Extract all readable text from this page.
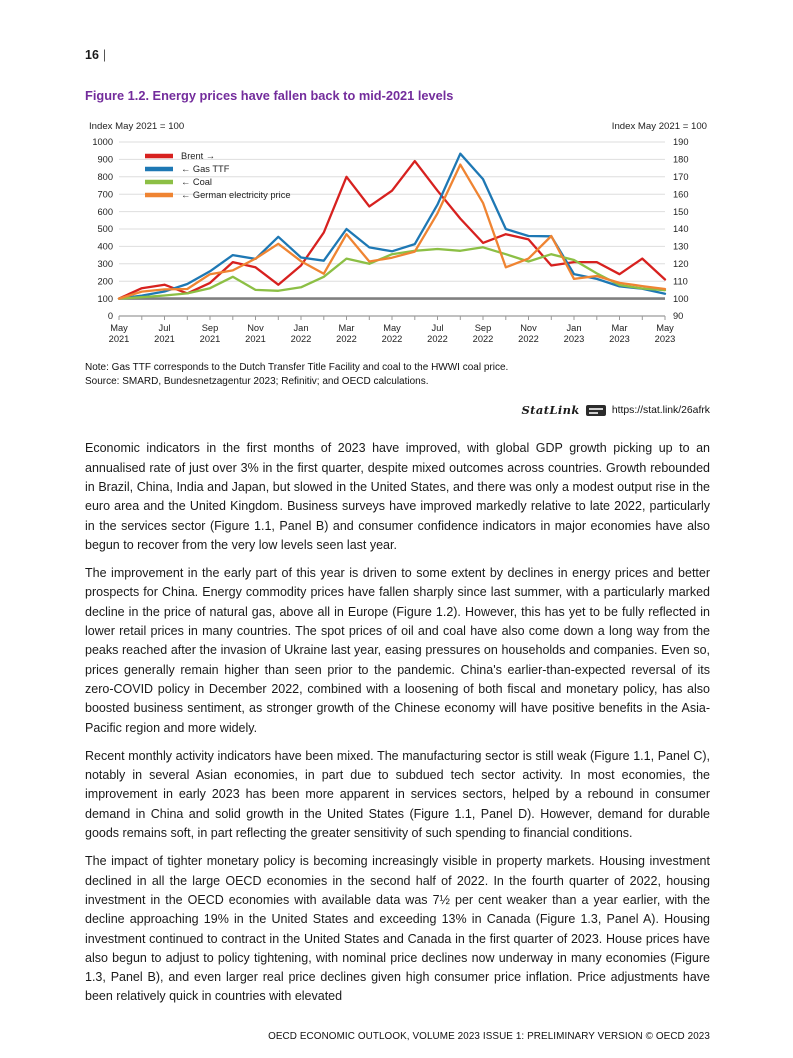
16 |
Figure 1.2. Energy prices have fallen back to mid-2021 levels
Index May 2021 = 100	Index May 2021 = 100
0
100
200
300
400
500
600
700
800
900
1000
90
100
110
120
130
140
150
160
170
180
190
May
2021
Jul
2021
Sep
2021
Nov
2021
Jan
2022
Mar
2022
May
2022
Jul
2022
Sep
2022
Nov
2022
Jan
2023
Mar
2023
May
2023
Brent →
← Gas TTF
← Coal
← German electricity price
Note: Gas TTF corresponds to the Dutch Transfer Title Facility and coal to the HWWI coal price.
Source: SMARD, Bundesnetzagentur 2023; Refinitiv; and OECD calculations.
StatLink	https://stat.link/26afrk

Economic indicators in the first months of 2023 have improved, with global GDP growth picking up to an annualised rate of just over 3% in the first quarter, despite mixed outcomes across countries. Growth rebounded in Brazil, China, India and Japan, but slowed in the United States, and there was only a modest output rise in the euro area and the United Kingdom. Business surveys have improved markedly relative to late 2022, particularly in the services sector (Figure 1.1, Panel B) and consumer confidence indicators in major economies have also begun to recover from the very low levels seen last year.

The improvement in the early part of this year is driven to some extent by declines in energy prices and better prospects for China. Energy commodity prices have fallen sharply since last summer, with a particularly marked decline in the price of natural gas, above all in Europe (Figure 1.2). However, this has yet to be fully reflected in lower retail prices in many countries. The spot prices of oil and coal have also come down a long way from the peaks reached after the invasion of Ukraine last year, easing pressures on households and companies. Even so, prices generally remain higher than seen prior to the pandemic. China's earlier-than-expected reversal of its zero-COVID policy in December 2022, combined with a loosening of both fiscal and monetary policy, has also boosted business sentiment, as stronger growth of the Chinese economy will have positive benefits in the Asia-Pacific region and more widely.

Recent monthly activity indicators have been mixed. The manufacturing sector is still weak (Figure 1.1, Panel C), notably in several Asian economies, in part due to subdued tech sector activity. In most economies, the improvement in early 2023 has been more apparent in services sectors, helped by a rebound in consumer demand in China and solid growth in the United States (Figure 1.1, Panel D). However, demand for durable goods remains soft, in part reflecting the greater sensitivity of such spending to financial conditions.

The impact of tighter monetary policy is becoming increasingly visible in property markets. Housing investment declined in all the large OECD economies in the second half of 2022. In the fourth quarter of 2022, housing investment in the OECD economies with available data was 7½ per cent weaker than a year earlier, with the decline approaching 19% in the United States and exceeding 13% in Canada (Figure 1.3, Panel A). Housing investment continued to contract in the United States and Canada in the first quarter of 2023. House prices have also begun to adjust to policy tightening, with nominal price declines now underway in many economies (Figure 1.3, Panel B), and even larger real price declines given high consumer price inflation. Price adjustments have been relatively quick in countries with elevated

OECD ECONOMIC OUTLOOK, VOLUME 2023 ISSUE 1: PRELIMINARY VERSION © OECD 2023
